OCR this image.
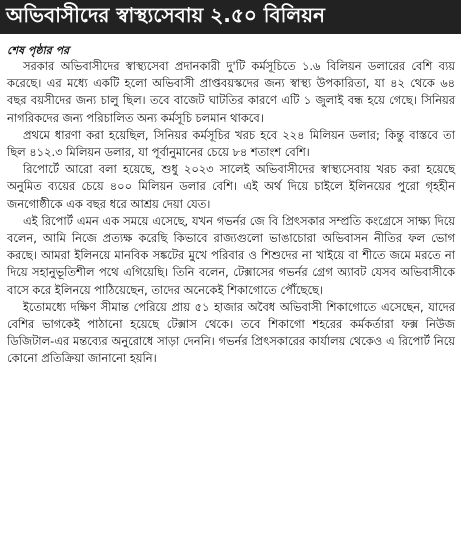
অভিবাসীদের স্বাস্থ্যসেবায় ২.৫০ বিলিয়ন
শেষ পৃষ্ঠার পর

সরকার অভিবাসীদের স্বাস্থ্যসেবা প্রদানকারী দু'টি কর্মসূচিতে ১.৬ বিলিয়ন ডলারের বেশি ব্যয় করেছে। এর মধ্যে একটি হলো অভিবাসী প্রাপ্তবয়স্কদের জন্য স্বাস্থ্য উপকারিতা, যা ৪২ থেকে ৬৪ বছর বয়সীদের জন্য চালু ছিল। তবে বাজেট ঘাটতির কারণে এটি ১ জুলাই বন্ধ হয়ে গেছে। সিনিয়র নাগরিকদের জন্য পরিচালিত অন্য কর্মসূচি চলমান থাকবে।

প্রথমে ধারণা করা হয়েছিল, সিনিয়র কর্মসূচির খরচ হবে ২২৪ মিলিয়ন ডলার; কিন্তু বাস্তবে তা ছিল ৪১২.৩ মিলিয়ন ডলার, যা পূর্বানুমানের চেয়ে ৮৪ শতাংশ বেশি।

রিপোর্টে আরো বলা হয়েছে, শুধু ২০২৩ সালেই অভিবাসীদের স্বাস্থ্যসেবায় খরচ করা হয়েছে অনুমিত ব্যয়ের চেয়ে ৪০০ মিলিয়ন ডলার বেশি। এই অর্থ দিয়ে চাইলে ইলিনয়ের পুরো গৃহহীন জনগোষ্ঠীকে এক বছর ধরে আশ্রয় দেয়া যেত।

এই রিপোর্ট এমন এক সময়ে এসেছে, যখন গভর্নর জে বি প্রিৎসকার সম্প্রতি কংগ্রেসে সাক্ষ্য দিয়ে বলেন, আমি নিজে প্রত্যক্ষ করেছি কিভাবে রাজ্যগুলো ভাঙাচোরা অভিবাসন নীতির ফল ভোগ করছে। আমরা ইলিনয়ে মানবিক সঙ্কটের মুখে পরিবার ও শিশুদের না খাইয়ে বা শীতে জমে মরতে না দিয়ে সহানুভূতিশীল পথে এগিয়েছি। তিনি বলেন, টেক্সাসের গভর্নর গ্রেগ অ্যাবট যেসব অভিবাসীকে বাসে করে ইলিনয়ে পাঠিয়েছেন, তাদের অনেকেই শিকাগোতে পৌঁছেছে।

ইতোমধ্যে দক্ষিণ সীমান্ত পেরিয়ে প্রায় ৫১ হাজার অবৈধ অভিবাসী শিকাগোতে এসেছেন, যাদের বেশির ভাগকেই পাঠানো হয়েছে টেক্সাস থেকে। তবে শিকাগো শহরের কর্মকর্তারা ফক্স নিউজ ডিজিটাল-এর মন্তব্যের অনুরোধে সাড়া দেননি। গভর্নর প্রিৎসকারের কার্যালয় থেকেও এ রিপোর্ট নিয়ে কোনো প্রতিক্রিয়া জানানো হয়নি।
